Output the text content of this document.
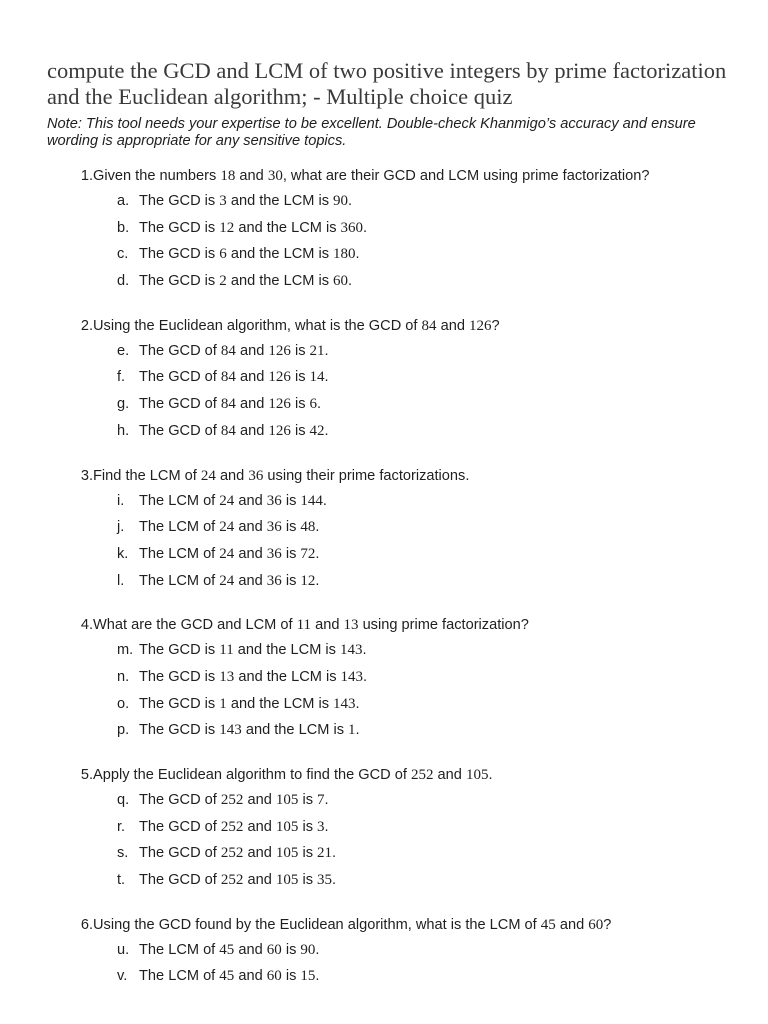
compute the GCD and LCM of two positive integers by prime factorization and the Euclidean algorithm; - Multiple choice quiz

Note: This tool needs your expertise to be excellent. Double-check Khanmigo’s accuracy and ensure wording is appropriate for any sensitive topics.

1. Given the numbers 18 and 30, what are their GCD and LCM using prime factorization?
a. The GCD is 3 and the LCM is 90.
b. The GCD is 12 and the LCM is 360.
c. The GCD is 6 and the LCM is 180.
d. The GCD is 2 and the LCM is 60.
2. Using the Euclidean algorithm, what is the GCD of 84 and 126?
e. The GCD of 84 and 126 is 21.
f. The GCD of 84 and 126 is 14.
g. The GCD of 84 and 126 is 6.
h. The GCD of 84 and 126 is 42.
3. Find the LCM of 24 and 36 using their prime factorizations.
i.	The LCM of 24 and 36 is 144.
j.	The LCM of 24 and 36 is 48.
k. The LCM of 24 and 36 is 72.
l.	The LCM of 24 and 36 is 12.
4. What are the GCD and LCM of 11 and 13 using prime factorization?
m. The GCD is 11 and the LCM is 143.
n. The GCD is 13 and the LCM is 143.
o. The GCD is 1 and the LCM is 143.
p. The GCD is 143 and the LCM is 1.
5. Apply the Euclidean algorithm to find the GCD of 252 and 105.
q. The GCD of 252 and 105 is 7.
r. The GCD of 252 and 105 is 3.
s. The GCD of 252 and 105 is 21.
t. The GCD of 252 and 105 is 35.
6. Using the GCD found by the Euclidean algorithm, what is the LCM of 45 and 60?
u. The LCM of 45 and 60 is 90.
v. The LCM of 45 and 60 is 15.
